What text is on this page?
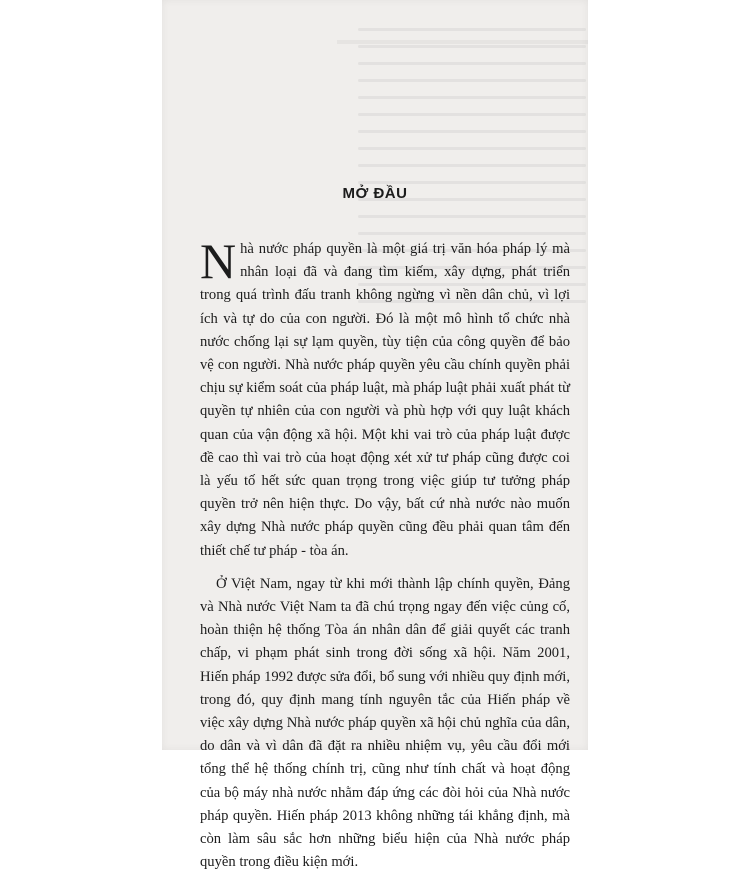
MỞ ĐẦU

Nhà nước pháp quyền là một giá trị văn hóa pháp lý mà nhân loại đã và đang tìm kiếm, xây dựng, phát triển trong quá trình đấu tranh không ngừng vì nền dân chủ, vì lợi ích và tự do của con người. Đó là một mô hình tổ chức nhà nước chống lại sự lạm quyền, tùy tiện của công quyền để bảo vệ con người. Nhà nước pháp quyền yêu cầu chính quyền phải chịu sự kiểm soát của pháp luật, mà pháp luật phải xuất phát từ quyền tự nhiên của con người và phù hợp với quy luật khách quan của vận động xã hội. Một khi vai trò của pháp luật được đề cao thì vai trò của hoạt động xét xử tư pháp cũng được coi là yếu tố hết sức quan trọng trong việc giúp tư tưởng pháp quyền trở nên hiện thực. Do vậy, bất cứ nhà nước nào muốn xây dựng Nhà nước pháp quyền cũng đều phải quan tâm đến thiết chế tư pháp - tòa án.

Ở Việt Nam, ngay từ khi mới thành lập chính quyền, Đảng và Nhà nước Việt Nam ta đã chú trọng ngay đến việc củng cố, hoàn thiện hệ thống Tòa án nhân dân để giải quyết các tranh chấp, vi phạm phát sinh trong đời sống xã hội. Năm 2001, Hiến pháp 1992 được sửa đổi, bổ sung với nhiều quy định mới, trong đó, quy định mang tính nguyên tắc của Hiến pháp về việc xây dựng Nhà nước pháp quyền xã hội chủ nghĩa của dân, do dân và vì dân đã đặt ra nhiều nhiệm vụ, yêu cầu đổi mới tổng thể hệ thống chính trị, cũng như tính chất và hoạt động của bộ máy nhà nước nhằm đáp ứng các đòi hỏi của Nhà nước pháp quyền. Hiến pháp 2013 không những tái khẳng định, mà còn làm sâu sắc hơn những biểu hiện của Nhà nước pháp quyền trong điều kiện mới.
